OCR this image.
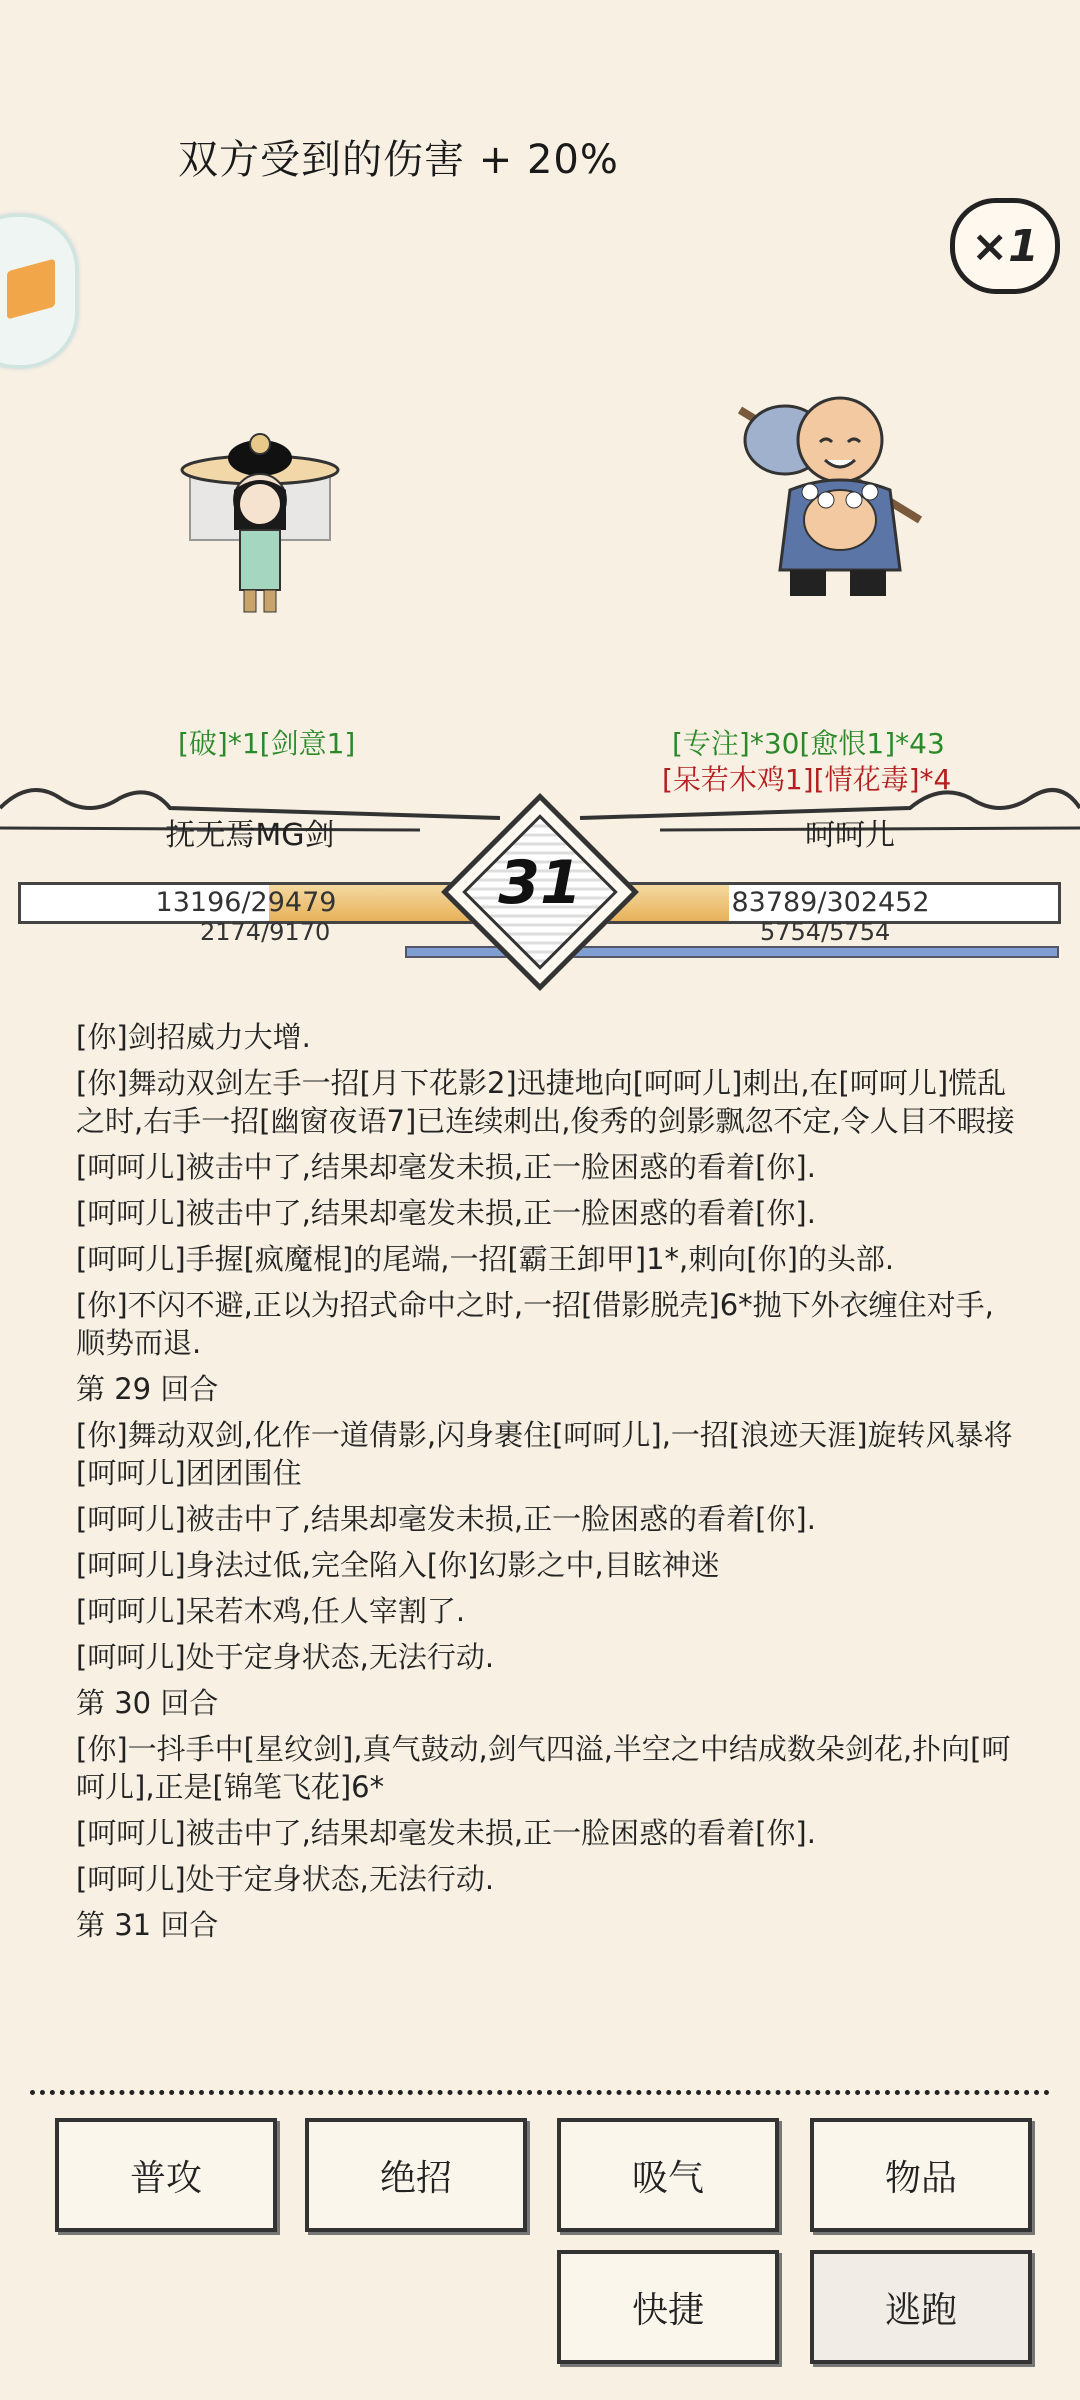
双方受到的伤害 + 20%
×1
[破]*1[剑意1]	[专注]*30[愈恨1]*43
[呆若木鸡1][情花毒]*4
抚无焉MG剑	呵呵儿
13196/29479	83789/302452
2174/9170	5754/5754
31
[你]剑招威力大增.
[你]舞动双剑左手一招[月下花影2]迅捷地向[呵呵儿]刺出,在[呵呵儿]慌乱之时,右手一招[幽窗夜语7]已连续刺出,俊秀的剑影飘忽不定,令人目不暇接
[呵呵儿]被击中了,结果却毫发未损,正一脸困惑的看着[你].
[呵呵儿]被击中了,结果却毫发未损,正一脸困惑的看着[你].
[呵呵儿]手握[疯魔棍]的尾端,一招[霸王卸甲]1*,刺向[你]的头部.
[你]不闪不避,正以为招式命中之时,一招[借影脱壳]6*抛下外衣缠住对手,顺势而退.
第 29 回合
[你]舞动双剑,化作一道倩影,闪身裹住[呵呵儿],一招[浪迹天涯]旋转风暴将[呵呵儿]团团围住
[呵呵儿]被击中了,结果却毫发未损,正一脸困惑的看着[你].
[呵呵儿]身法过低,完全陷入[你]幻影之中,目眩神迷
[呵呵儿]呆若木鸡,任人宰割了.
[呵呵儿]处于定身状态,无法行动.
第 30 回合
[你]一抖手中[星纹剑],真气鼓动,剑气四溢,半空之中结成数朵剑花,扑向[呵呵儿],正是[锦笔飞花]6*
[呵呵儿]被击中了,结果却毫发未损,正一脸困惑的看着[你].
[呵呵儿]处于定身状态,无法行动.
第 31 回合
普攻	绝招	吸气	物品
快捷	逃跑
